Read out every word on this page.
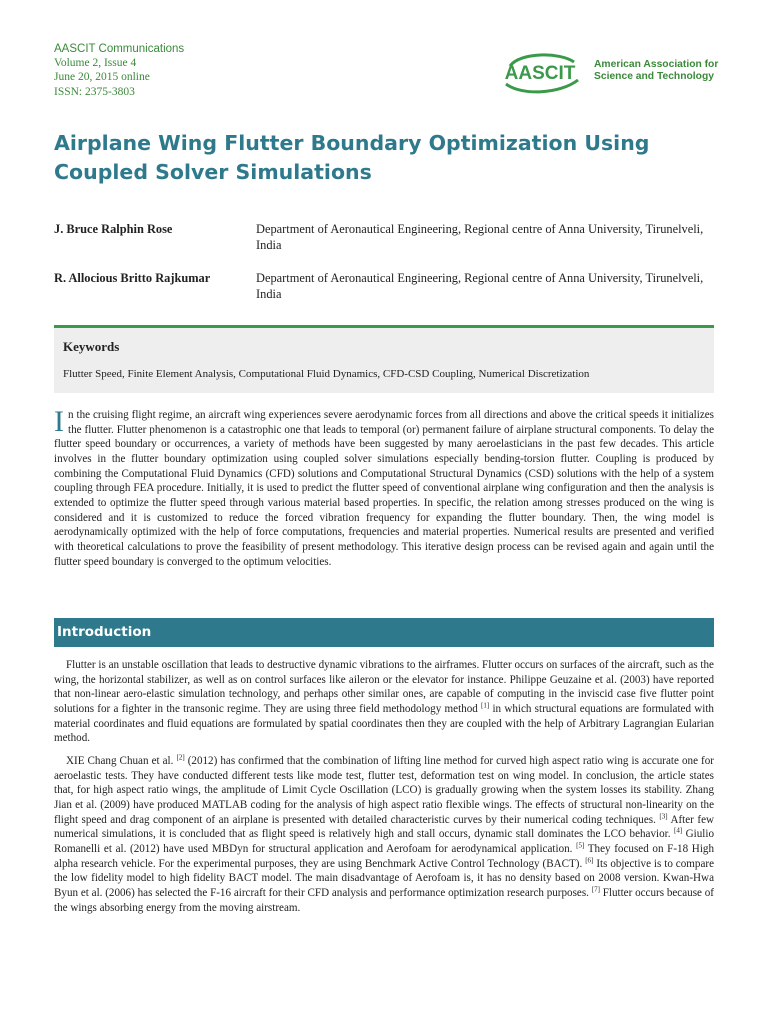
AASCIT Communications
Volume 2, Issue 4
June 20, 2015 online
ISSN: 2375-3803
AASCIT American Association for
Science and Technology
Airplane Wing Flutter Boundary Optimization Using Coupled Solver Simulations
J. Bruce Ralphin Rose	Department of Aeronautical Engineering, Regional centre of Anna University, Tirunelveli, India
R. Allocious Britto Rajkumar	Department of Aeronautical Engineering, Regional centre of Anna University, Tirunelveli, India
Keywords
Flutter Speed, Finite Element Analysis, Computational Fluid Dynamics, CFD-CSD Coupling, Numerical Discretization

In the cruising flight regime, an aircraft wing experiences severe aerodynamic forces from all directions and above the critical speeds it initializes the flutter. Flutter phenomenon is a catastrophic one that leads to temporal (or) permanent failure of airplane structural components. To delay the flutter speed boundary or occurrences, a variety of methods have been suggested by many aeroelasticians in the past few decades. This article involves in the flutter boundary optimization using coupled solver simulations especially bending-torsion flutter. Coupling is produced by combining the Computational Fluid Dynamics (CFD) solutions and Computational Structural Dynamics (CSD) solutions with the help of a system coupling through FEA procedure. Initially, it is used to predict the flutter speed of conventional airplane wing configuration and then the analysis is extended to optimize the flutter speed through various material based properties. In specific, the relation among stresses produced on the wing is considered and it is customized to reduce the forced vibration frequency for expanding the flutter boundary. Then, the wing model is aerodynamically optimized with the help of force computations, frequencies and material properties. Numerical results are presented and verified with theoretical calculations to prove the feasibility of present methodology. This iterative design process can be revised again and again until the flutter speed boundary is converged to the optimum velocities.

Introduction

Flutter is an unstable oscillation that leads to destructive dynamic vibrations to the airframes. Flutter occurs on surfaces of the aircraft, such as the wing, the horizontal stabilizer, as well as on control surfaces like aileron or the elevator for instance. Philippe Geuzaine et al. (2003) have reported that non-linear aero-elastic simulation technology, and perhaps other similar ones, are capable of computing in the inviscid case five flutter point solutions for a fighter in the transonic regime. They are using three field methodology method [1] in which structural equations are formulated with material coordinates and fluid equations are formulated by spatial coordinates then they are coupled with the help of Arbitrary Lagrangian Eularian method.

XIE Chang Chuan et al. [2] (2012) has confirmed that the combination of lifting line method for curved high aspect ratio wing is accurate one for aeroelastic tests. They have conducted different tests like mode test, flutter test, deformation test on wing model. In conclusion, the article states that, for high aspect ratio wings, the amplitude of Limit Cycle Oscillation (LCO) is gradually growing when the system losses its stability. Zhang Jian et al. (2009) have produced MATLAB coding for the analysis of high aspect ratio flexible wings. The effects of structural non-linearity on the flight speed and drag component of an airplane is presented with detailed characteristic curves by their numerical coding techniques. [3] After few numerical simulations, it is concluded that as flight speed is relatively high and stall occurs, dynamic stall dominates the LCO behavior. [4] Giulio Romanelli et al. (2012) have used MBDyn for structural application and Aerofoam for aerodynamical application. [5] They focused on F-18 High alpha research vehicle. For the experimental purposes, they are using Benchmark Active Control Technology (BACT). [6] Its objective is to compare the low fidelity model to high fidelity BACT model. The main disadvantage of Aerofoam is, it has no density based on 2008 version. Kwan-Hwa Byun et al. (2006) has selected the F-16 aircraft for their CFD analysis and performance optimization research purposes. [7] Flutter occurs because of the wings absorbing energy from the moving airstream.
